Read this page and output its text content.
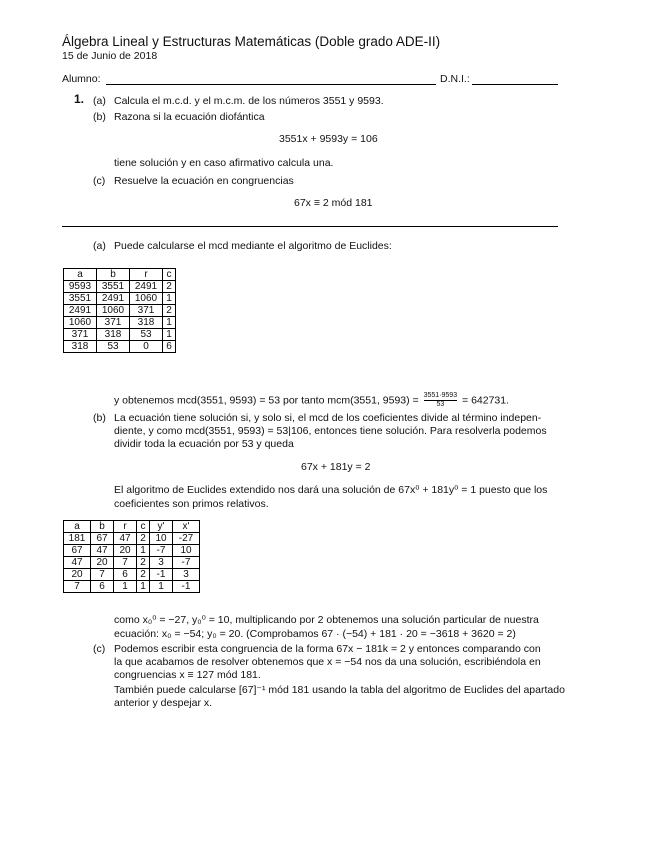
Álgebra Lineal y Estructuras Matemáticas (Doble grado ADE-II)
15 de Junio de 2018
Alumno:	D.N.I.:
1. (a) Calcula el m.c.d. y el m.c.m. de los números 3551 y 9593.
(b) Razona si la ecuación diofántica
3551x + 9593y = 106
tiene solución y en caso afirmativo calcula una.
(c) Resuelve la ecuación en congruencias
67x ≡ 2 mód 181
(a) Puede calcularse el mcd mediante el algoritmo de Euclides:
a	b	r	c
9593	3551	2491	2
3551	2491	1060	1
2491	1060	371	2
1060	371	318	1
371	318	53	1
318	53	0	6
y obtenemos mcd(3551, 9593) = 53 por tanto mcm(3551, $9593) = \frac{3551\cdot 9593}{53} = 642731$.
(b) La ecuación tiene solución si, y solo si, el mcd de los coeficientes divide al término indepen-
diente, y como mcd(3551, 9593) = 53|106, entonces tiene solución. Para resolverla podemos
dividir toda la ecuación por 53 y queda
67x + 181y = 2
El algoritmo de Euclides extendido nos dará una solución de 67x⁰ + 181y⁰ = 1 puesto que los
coeficientes son primos relativos.
a	b	r	c	y'	x'
181	67	47	2	10	-27
67	47	20	1	-7	10
47	20	7	2	3	-7
20	7	6	2	-1	3
7	6	1	1	1	-1
como x₀⁰ = −27, y₀⁰ = 10, multiplicando por 2 obtenemos una solución particular de nuestra
ecuación: x₀ = −54; y₀ = 20. (Comprobamos 67 · (−54) + 181 · 20 = −3618 + 3620 = 2)
(c) Podemos escribir esta congruencia de la forma 67x − 181k = 2 y entonces comparando con
la que acabamos de resolver obtenemos que x = −54 nos da una solución, escribiéndola en
congruencias x ≡ 127 mód 181.
También puede calcularse [67]⁻¹ mód 181 usando la tabla del algoritmo de Euclides del apartado
anterior y despejar x.
